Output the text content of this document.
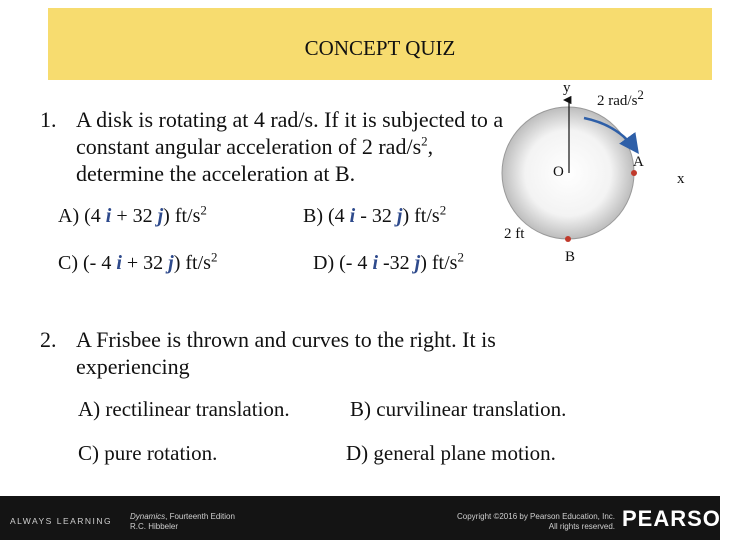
CONCEPT QUIZ
1. A disk is rotating at 4 rad/s. If it is subjected to a constant angular acceleration of 2 rad/$s^2$, determine the acceleration at B.
A) (4 i + 32 j) $ft/s^2$	B) (4 i - 32 j) $ft/s^2$
C) (- 4 i + 32 j) $ft/s^2$	D) (- 4 i -32 j) $ft/s^2$
y
x
O
A
B
2 ft
2 rad/$s^2$
2. A Frisbee is thrown and curves to the right. It is experiencing
A) rectilinear translation.	B) curvilinear translation.
C) pure rotation.	D) general plane motion.
ALWAYS LEARNING Dynamics, Fourteenth Edition
R.C. Hibbeler
Copyright ©2016 by Pearson Education, Inc.
All rights reserved. PEARSON
